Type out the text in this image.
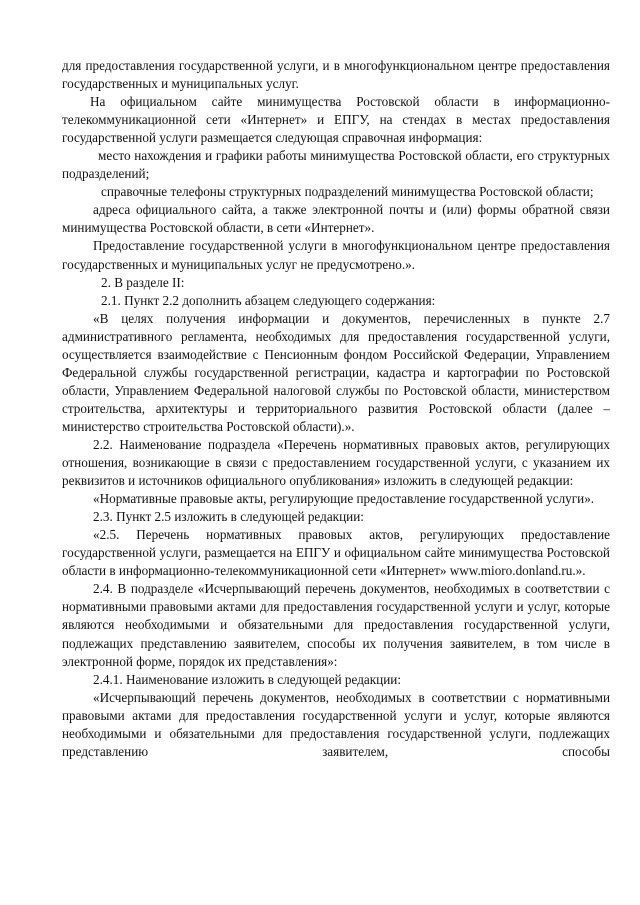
для предоставления государственной услуги, и в многофункциональном центре предоставления государственных и муниципальных услуг.

На официальном сайте минимущества Ростовской области в информационно-телекоммуникационной сети «Интернет» и ЕПГУ, на стендах в местах предоставления государственной услуги размещается следующая справочная информация:

место нахождения и графики работы минимущества Ростовской области, его структурных подразделений;

справочные телефоны структурных подразделений минимущества Ростовской области;

адреса официального сайта, а также электронной почты и (или) формы обратной связи минимущества Ростовской области, в сети «Интернет».

Предоставление государственной услуги в многофункциональном центре предоставления государственных и муниципальных услуг не предусмотрено.».

2. В разделе II:

2.1. Пункт 2.2 дополнить абзацем следующего содержания:

«В целях получения информации и документов, перечисленных в пункте 2.7 административного регламента, необходимых для предоставления государственной услуги, осуществляется взаимодействие с Пенсионным фондом Российской Федерации, Управлением Федеральной службы государственной регистрации, кадастра и картографии по Ростовской области, Управлением Федеральной налоговой службы по Ростовской области, министерством строительства, архитектуры и территориального развития Ростовской области (далее – министерство строительства Ростовской области).».

2.2. Наименование подраздела «Перечень нормативных правовых актов, регулирующих отношения, возникающие в связи с предоставлением государственной услуги, с указанием их реквизитов и источников официального опубликования» изложить в следующей редакции:

«Нормативные правовые акты, регулирующие предоставление государственной услуги».

2.3. Пункт 2.5 изложить в следующей редакции:

«2.5. Перечень нормативных правовых актов, регулирующих предоставление государственной услуги, размещается на ЕПГУ и официальном сайте минимущества Ростовской области в информационно-телекоммуникационной сети «Интернет» www.mioro.donland.ru.».

2.4. В подразделе «Исчерпывающий перечень документов, необходимых в соответствии с нормативными правовыми актами для предоставления государственной услуги и услуг, которые являются необходимыми и обязательными для предоставления государственной услуги, подлежащих представлению заявителем, способы их получения заявителем, в том числе в электронной форме, порядок их представления»:

2.4.1. Наименование изложить в следующей редакции:

«Исчерпывающий перечень документов, необходимых в соответствии с нормативными правовыми актами для предоставления государственной услуги и услуг, которые являются необходимыми и обязательными для предоставления государственной услуги, подлежащих представлению заявителем, способы
